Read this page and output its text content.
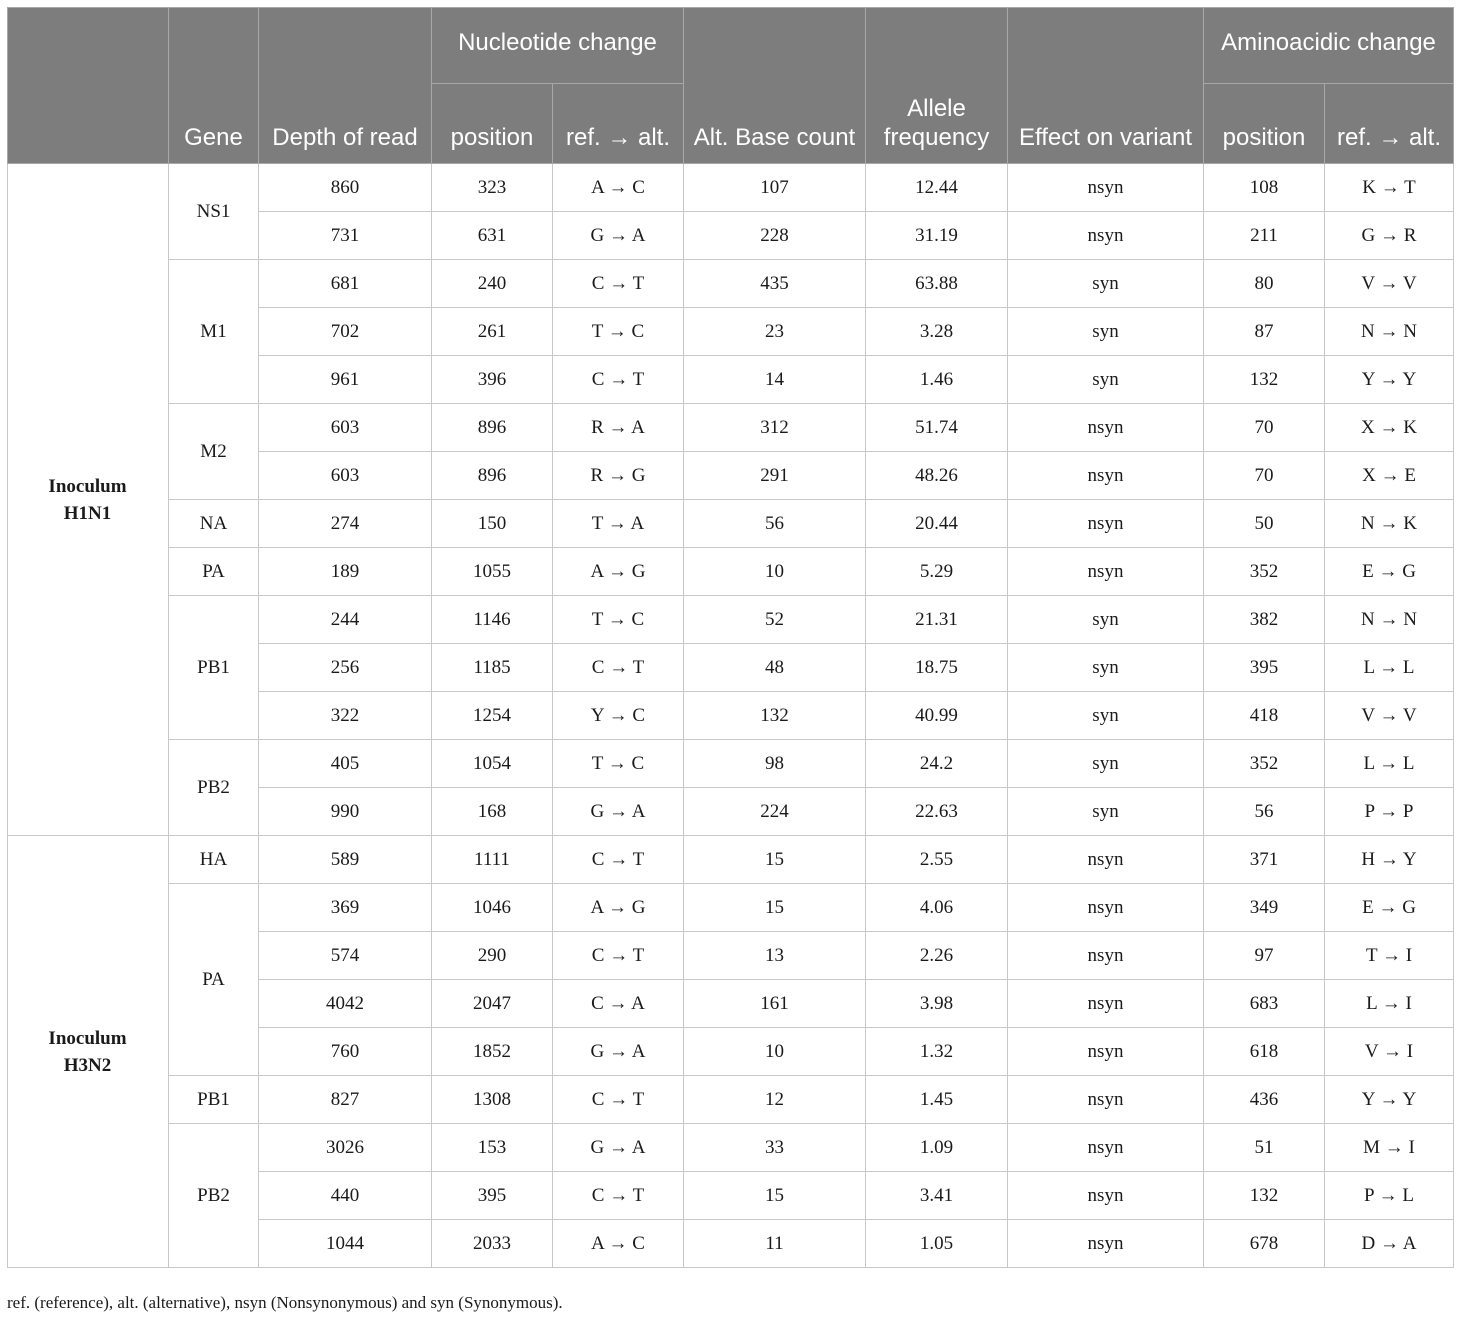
	Gene	Depth of read	Nucleotide change		Alt. Base count	Allele frequency	Effect on variant	Aminoacidic change	
			position	ref. → alt.				position	ref. → alt.

Inoculum
H1N1	NS1	860	323	A → C	107	12.44	nsyn	108	K → T
		731	631	G → A	228	31.19	nsyn	211	G → R
	M1	681	240	C → T	435	63.88	syn	80	V → V
		702	261	T → C	23	3.28	syn	87	N → N
		961	396	C → T	14	1.46	syn	132	Y → Y
	M2	603	896	R → A	312	51.74	nsyn	70	X → K
		603	896	R → G	291	48.26	nsyn	70	X → E
	NA	274	150	T → A	56	20.44	nsyn	50	N → K
	PA	189	1055	A → G	10	5.29	nsyn	352	E → G
	PB1	244	1146	T → C	52	21.31	syn	382	N → N
		256	1185	C → T	48	18.75	syn	395	L → L
		322	1254	Y → C	132	40.99	syn	418	V → V
	PB2	405	1054	T → C	98	24.2	syn	352	L → L
		990	168	G → A	224	22.63	syn	56	P → P

Inoculum
H3N2	HA	589	1111	C → T	15	2.55	nsyn	371	H → Y
	PA	369	1046	A → G	15	4.06	nsyn	349	E → G
		574	290	C → T	13	2.26	nsyn	97	T → I
		4042	2047	C → A	161	3.98	nsyn	683	L → I
		760	1852	G → A	10	1.32	nsyn	618	V → I
	PB1	827	1308	C → T	12	1.45	nsyn	436	Y → Y
	PB2	3026	153	G → A	33	1.09	nsyn	51	M → I
		440	395	C → T	15	3.41	nsyn	132	P → L
		1044	2033	A → C	11	1.05	nsyn	678	D → A
ref. (reference), alt. (alternative), nsyn (Nonsynonymous) and syn (Synonymous).
